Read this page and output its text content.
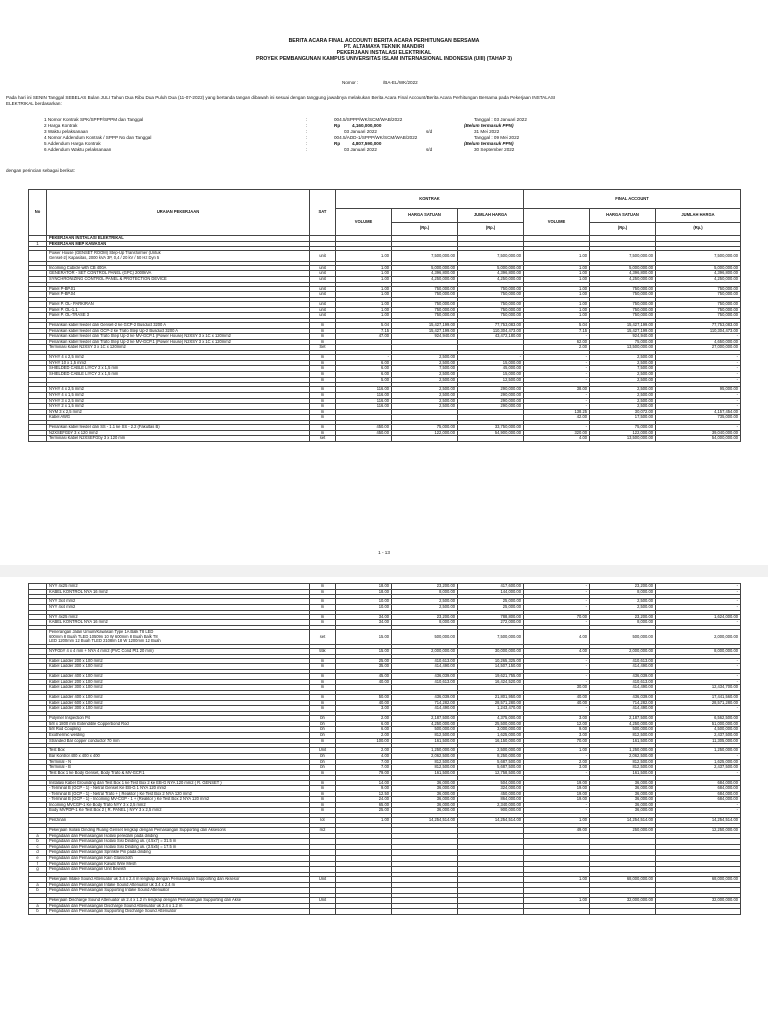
BERITA ACARA FINAL ACCOUNT/ BERITA ACARA PERHITUNGAN BERSAMA
PT. ALTAMAYA TEKNIK MANDIRI
PEKERJAAN INSTALASI ELEKTRIKAL
PROYEK PEMBANGUNAN KAMPUS UNIVERSITAS ISLAM INTERNASIONAL INDONESIA (UIII) (TAHAP 3)
Nomor :	/BA-EL/WK/2022
Pada hari ini SENIN Tanggal SEBELAS Bulan JULI Tahun Dua Ribu Dua Puluh Dua (11-07-2022) yang bertanda tangan dibawah ini sesuai dengan tanggung jawabnya melakukan Berita Acara Final Account/Berita Acara Perhitungan Bersama pada Pekerjaan INSTALASI
ELEKTRIKAL berdasarkan:
1 Nomor Kontrak SPK/SPPP/SPPM dan Tanggal	:	004.5/SPPP/WK/SCM/WAB/2022	Tanggal : 03 Januari 2022
2 Harga Kontrak	:	Rp	4,160,000,000	(Belum termasuk PPN)
3 Waktu pelaksanaan	:	03 Januari 2022	s/d	31 Mei 2022
4 Nomor Addendum Kontrak / SPPP No dan Tanggal	:	004.5/ADD-1/SPPP/WK/SCM/WAB/2022	Tanggal : 09 Mei 2022
5 Addendum Harga Kontrak	:	Rp	4,807,590,000	(Belum termasuk PPN)
6 Addendum Waktu pelaksanaan	:	03 Januari 2022	s/d	30 September 2022
dengan perincian sebagai berikut:
No	URAIAN PEKERJAAN	SAT	KONTRAK			FINAL ACCOUNT		
			VOLUME	HARGA SATUAN	JUMLAH HARGA	VOLUME	HARGA SATUAN	JUMLAH HARGA
				(Rp.)	(Rp.)		(Rp.)	(Rp.)
	PEKERJAAN INSTALASI ELEKTRIKAL							
1	PEKERJAAN MEP KAWASAN							

	Power House (GENSET ROOM) Step-Up Transformer (Untuk
Genset-2) Kapasitas, 2000 kVA 3P, 0,4 / 20 kV / 50 Hz Dyn 5	unit	1.00	7,500,000.00	7,500,000.00	1.00	7,500,000.00	7,500,000.00

	Incoming Cubicle with CB 400A	unit	1.00	5,000,000.00	5,000,000.00	1.00	5,000,000.00	5,000,000.00
	GENERATOR - SET CONTROL PANEL (GPC) 2000kVA	unit	1.00	4,396,800.00	4,396,800.00	1.00	4,396,800.00	4,396,800.00
	SYNCHRONIZING CONTROL PANEL & PROTECTION DEVICE	unit	1.00	4,250,000.00	4,250,000.00	1.00	4,250,000.00	4,250,000.00

	Panel P-BP.01	unit	1.00	750,000.00	750,000.00	1.00	750,000.00	750,000.00
	Panel P-BP.04	unit	1.00	750,000.00	750,000.00	1.00	750,000.00	750,000.00

	Panel P. OL- PARKIRAN	unit	1.00	750,000.00	750,000.00	1.00	750,000.00	750,000.00
	Panel P. OL-1.1	unit	1.00	750,000.00	750,000.00	1.00	750,000.00	750,000.00
	Panel P. OL-TRASE 3	unit	1.00	750,000.00	750,000.00	1.00	750,000.00	750,000.00

	Penarikan kabel feeder dari Genset-2 ke GCP-2 Busduct 3200 A	m	5.04	15,427,199.00	77,753,083.00	5.04	15,427,199.00	77,753,083.00
	Penarikan kabel feeder dari GCP-2 ke Trafo Step Up-2 Busduct 3200 A	m	7.15	15,427,199.00	110,304,473.00	7.15	15,427,199.00	110,304,473.00
	Penarikan kabel feeder dari Trafo Step Up-2 ke MV-GCP.1 (Power House) N2XSY 3 x 1C x 120mm2	m	47.00	924,940.00	43,472,180.00	-	924,940.00	-
	Penarikan kabel feeder dari Trafo Step Up-2 ke MV-GCP.1 (Power House) N2XSY 3 x 1C x 120mm2	m				62.00	75,000.00	4,650,000.00
	Terminasi Kabel N2XSY 3 x 1C x 120mm2	Set				2.00	13,500,000.00	27,000,000.00

	NYHY 4 x 2,5 mm2	m	-	2,500.00	-	-	2,500.00	-
	NYHY 10 x 1,5 mm2	m	6.00	2,500.00	15,000.00	-	2,500.00	-
	SHIELDED CABLE LIYCY 2 x 1,5 mm	m	6.00	7,500.00	45,000.00	-	7,500.00	-
	SHIELDED CABLE LIYCY 2 x 1,5 mm	m	6.00	2,500.00	15,000.00	-	2,500.00	-
		m	5.00	2,500.00	12,500.00	-	2,500.00	-

	NYHY 4 x 2,5 mm2	m	116.00	2,500.00	290,000.00	38.00	2,500.00	95,000.00
	NYHY 4 x 1,5 mm2	m	116.00	2,500.00	290,000.00	-	2,500.00	-
	NYHY 3 x 2,5 mm2	m	116.00	2,500.00	290,000.00	-	2,500.00	-
	NYHY 2 x 1,5 mm2	m	116.00	2,500.00	290,000.00	-	2,500.00	-
	NYM 3 x 2,5 mm2	m				138.25	30,072.00	4,157,454.00
	Kabel AWG	m				42.00	17,500.00	735,000.00

	Penarikan kabel feeder dari SS - 1.1 ke SS - 2.2 (Fakultas B)	m	450.00	75,000.00	33,750,000.00	-	75,000.00	-
	N2XSEFGbY 3 x 120 mm2	m	450.00	122,000.00	54,900,000.00	320.00	122,000.00	39,040,000.00
	Terminasi Kabel N2XSEFGby 3 x 120 mm	set				4.00	13,500,000.00	54,000,000.00
1 - 13
	NYY 4x25 mm2	m	18.00	23,200.00	417,600.00	-	23,200.00	-
	KABEL KONTROL NYA 16 mm2	m	18.00	8,000.00	144,000.00	-	8,000.00	-

	NYY 3x4 mm2	m	10.00	2,500.00	25,000.00	-	2,500.00	-
	NYY 4x4 mm2	m	10.00	2,500.00	25,000.00	-	2,500.00	-

	NYY 4x25 mm2	m	34.00	23,200.00	788,800.00	70.00	23,200.00	1,624,000.00
	KABEL KONTROL NYA 16 mm2	m	34.00	8,000.00	272,000.00	-	8,000.00	-

	Penerangan Jalan Umum/Kawasan Type 1A Balk T8 LED
600mm 8 Buah TLED 10509n 10 W 600mm 8 Buah Balk T8
LED 1200mm 12 Buah TLED 2108lm 18 W 1200mm 12 Buah	set	15.00	500,000.00	7,500,000.00	4.00	500,000.00	2,000,000.00

	NYFGbY 4 x 4 mm + NYA 4 mm2 (PVC Cond Pt1 20 mm)	titik	15.00	2,000,000.00	30,000,000.00	4.00	2,000,000.00	8,000,000.00

	Kabel Ladder 200 x 100 mm2	m	25.00	410,613.00	10,265,325.00	-	410,613.00	-
	Kabel Ladder 300 x 100 mm2	m	35.00	414,490.00	14,507,150.00	-	414,490.00	-

	Kabel Ladder 400 x 100 mm2	m	45.00	436,039.00	19,621,755.00	-	436,039.00	-
	Kabel Ladder 200 x 100 mm2	m	40.00	410,613.00	16,424,520.00	-	410,613.00	-
	Kabel Ladder 300 x 100 mm2	m				30.00	414,490.00	12,434,700.00

	Kabel Ladder 400 x 100 mm2	m	50.00	436,039.00	21,801,950.00	40.00	436,039.00	17,441,560.00
	Kabel Ladder 600 x 100 mm2	m	40.00	714,282.00	28,571,280.00	40.00	714,282.00	28,571,280.00
	Kabel Ladder 300 x 100 mm2	m	3.00	414,490.00	1,243,470.00	-	414,490.00	-

	Polymer Inspection Pit	bh	2.00	2,187,500.00	4,375,000.00	3.00	2,187,500.00	6,562,500.00
	5/8 x 1800 mm Extendible Copperbond Rod	bh	6.00	4,250,000.00	25,500,000.00	12.00	4,250,000.00	51,000,000.00
	5/8 Rod Coupling	bh	6.00	500,000.00	3,000,000.00	9.00	500,000.00	4,500,000.00
	Exothermic welding	bh	2.00	812,500.00	1,625,000.00	3.00	812,500.00	2,437,500.00
	Stranded Bar copper conductor 70 mm	m	100.00	161,500.00	16,150,000.00	70.00	161,500.00	11,305,000.00

	Test Box	Unit	2.00	1,250,000.00	2,500,000.00	1.00	1,250,000.00	1,250,000.00
	Bar Kontrol 400 x 400 x 400	bh	4.00	2,062,500.00	8,250,000.00	-	2,062,500.00	-
	Terminal - N	bh	7.00	812,500.00	5,687,500.00	2.00	812,500.00	1,625,000.00
	Terminal - B	bh	7.00	812,500.00	5,687,500.00	3.00	812,500.00	2,437,500.00
	Test Box 1 ke Body Genset, Body Trafo & MV-GCP.1	m	79.00	161,500.00	12,758,500.00	-	161,500.00	-

	Instalasi Kabel Grounding dari Test Box 1 ke Test Box 2 ke EB-G NYA 120 mm2 ( R. GENSET )	m	14.00	36,000.00	504,000.00	19.00	36,000.00	684,000.00
	- Terminal B (GCP - 1) - Netral Genset Ke EB-G 1 NYA 120 mm2	m	9.00	36,000.00	324,000.00	19.00	36,000.00	684,000.00
	- Terminal B (GCP - 1) - Netral Trafo + ( Reaktor ) Ke Test Box 2 NYA 120 mm2	m	12.50	36,000.00	450,000.00	19.00	36,000.00	684,000.00
	- Terminal B (GCP - 1) - Incoming MV-CGP - 1 + (Reaktor ) Ke Test Box 2 NYA 120 mm2	m	24.00	36,000.00	864,000.00	19.00	36,000.00	684,000.00
	Incoming MVCGP-1 Ke Body Trafo NYY 3 x 2,5 mm2	m	65.00	36,000.00	2,340,000.00	-	36,000.00	-
	Body MVPDP-1 Ke Test Box 2 ( R. PANEL ) NYY 3 x 2,5 mm2	m	25.00	36,000.00	900,000.00	-	36,000.00	-

	Perizinan	lot	1.00	14,254,514.00	14,254,514.00	1.00	14,254,514.00	14,254,514.00

	Pekerjaan Isolasi Dinding Ruang Genset lengkap dengan Pemasangan Supporting dan Aksesoris	m2				49.00	250,000.00	12,250,000.00
a	Pengadaan dan Pemasangan Isolasi peredam pada dinding							
b	Pengadaan dan Pemasangan Isolasi Sisi Dinding uk. (4.5x7) = 31.5 m							
c	Pengadaan dan Pemasangan Isolasi Sisi Dinding uk. (3.5x5) = 17.5 m							
d	Pengadaan dan Pemasangan Sprinkle Pin pada dinding							
e	Pengadaan dan Pemasangan Kain Glasscloth							
f	Pengadaan dan Pemasangan Kawat Wire Mesh							
g	Pengadaan dan Pemasangan Unit Bewish							

	Pekerjaan Intake Sound Attenuator uk 3.4 x 2.4 m lengkap dengan Pemasangan Supporting dan Aksesor	Unit				1.00	68,000,000.00	68,000,000.00
a	Pengadaan dan Pemasangan Intake Sound Attenuator uk 3.4 x 2.4 m							
b	Pengadaan dan Pemasangan Supporting Intake Sound Attenuator							

	Pekerjaan Discharge Sound Attenuator uk 2.4 x 1.2 m lengkap dengan Pemasangan Supporting dan Akse	Unit				1.00	32,000,000.00	32,000,000.00
a	Pengadaan dan Pemasangan Discharge Sound Attenuator uk 2.4 x 1.2 m							
b	Pengadaan dan Pemasangan Supporting Discharge Sound Attenuator							
